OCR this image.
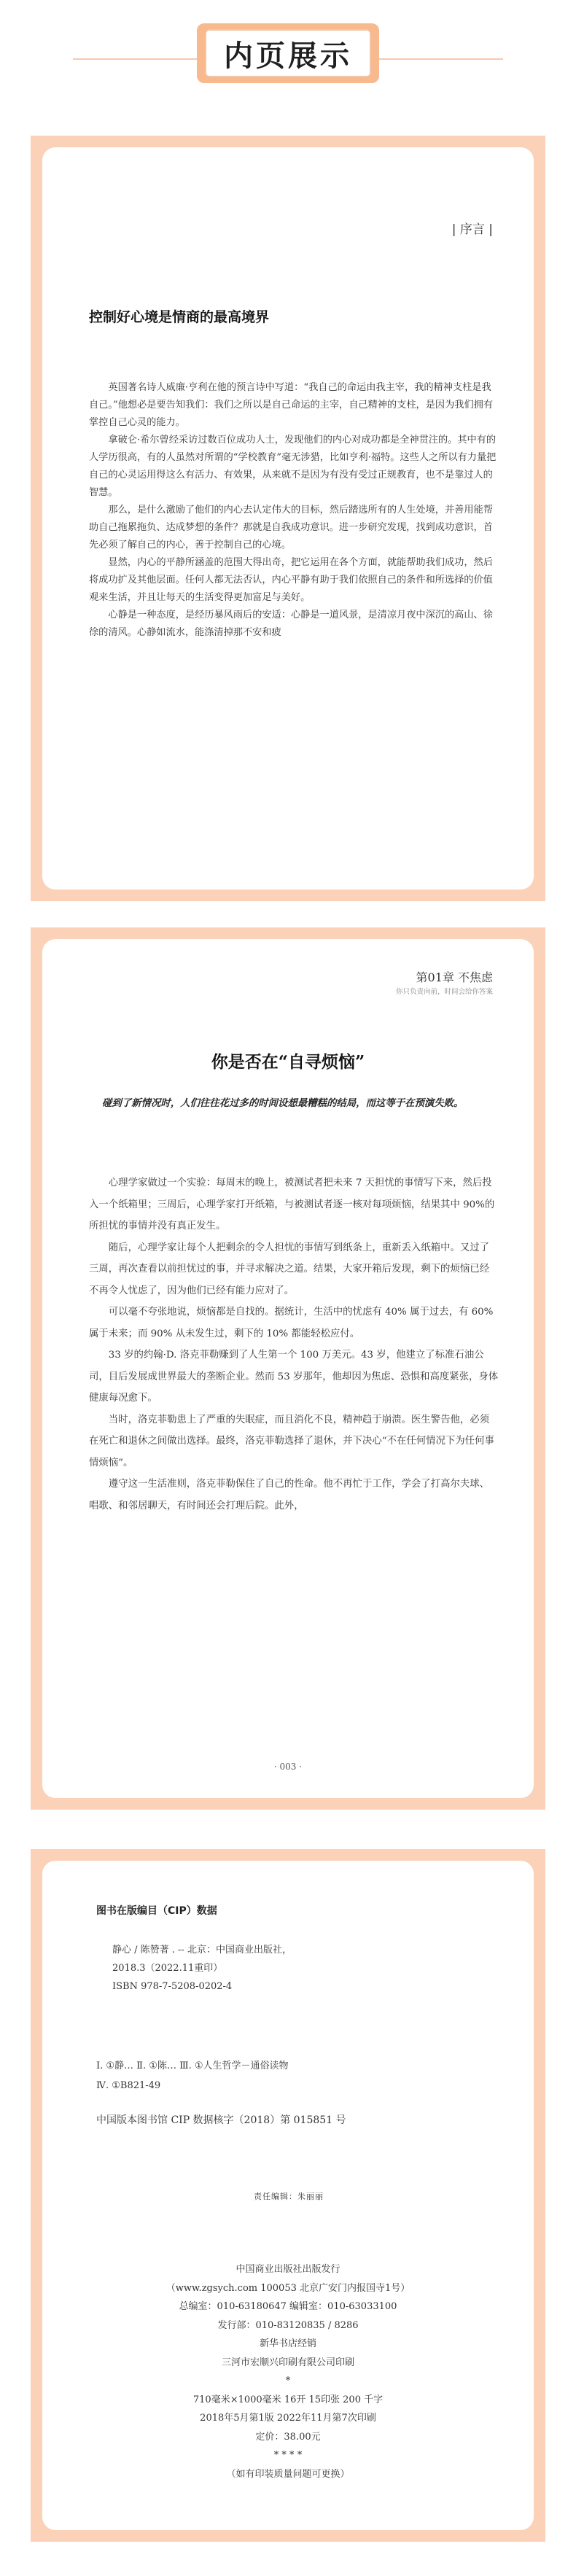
内页展示
| 序言 |
控制好心境是情商的最高境界

英国著名诗人威廉·亨利在他的预言诗中写道：“我自己的命运由我主宰，我的精神支柱是我自己。”他想必是要告知我们：我们之所以是自己命运的主宰，自己精神的支柱，是因为我们拥有掌控自己心灵的能力。

拿破仑·希尔曾经采访过数百位成功人士，发现他们的内心对成功都是全神贯注的。其中有的人学历很高，有的人虽然对所谓的“学校教育”毫无涉猎，比如亨利·福特。这些人之所以有力量把自己的心灵运用得这么有活力、有效果，从来就不是因为有没有受过正规教育，也不是靠过人的智慧。

那么，是什么激励了他们的内心去认定伟大的目标，然后踏选所有的人生处境，并善用能帮助自己拖累拖负、达成梦想的条件？那就是自我成功意识。进一步研究发现，找到成功意识，首先必须了解自己的内心，善于控制自己的心境。

显然，内心的平静所涵盖的范围大得出奇，把它运用在各个方面，就能帮助我们成功，然后将成功扩及其他层面。任何人都无法否认，内心平静有助于我们依照自己的条件和所选择的价值观来生活，并且让每天的生活变得更加富足与美好。

心静是一种态度，是经历暴风雨后的安适：心静是一道风景，是清凉月夜中深沉的高山、徐徐的清风。心静如流水，能涤清掉那不安和疲

第01章 不焦虑
你只负责向前，时间会给你答案
你是否在“自寻烦恼”
碰到了新情况时，人们往往花过多的时间设想最糟糕的结局，而这等于在预演失败。

心理学家做过一个实验：每周末的晚上，被测试者把未来 7 天担忧的事情写下来，然后投入一个纸箱里；三周后，心理学家打开纸箱，与被测试者逐一核对每项烦恼，结果其中 90%的所担忧的事情并没有真正发生。

随后，心理学家让每个人把剩余的令人担忧的事情写到纸条上，重新丢入纸箱中。又过了三周，再次查看以前担忧过的事，并寻求解决之道。结果，大家开箱后发现，剩下的烦恼已经不再令人忧虑了，因为他们已经有能力应对了。

可以毫不夸张地说，烦恼都是自找的。据统计，生活中的忧虑有 40% 属于过去，有 60% 属于未来；而 90% 从未发生过，剩下的 10% 都能轻松应付。

33 岁的约翰·D. 洛克菲勒赚到了人生第一个 100 万美元。43 岁，他建立了标准石油公司，目后发展成世界最大的垄断企业。然而 53 岁那年，他却因为焦虑、恐惧和高度紧张，身体健康每况愈下。

当时，洛克菲勒患上了严重的失眠症，而且消化不良，精神趋于崩溃。医生警告他，必须在死亡和退休之间做出选择。最终，洛克菲勒选择了退休，并下决心“不在任何情况下为任何事情烦恼”。

遵守这一生活准则，洛克菲勒保住了自己的性命。他不再忙于工作，学会了打高尔夫球、唱歌、和邻居聊天，有时间还会打理后院。此外，

· 003 ·
图书在版编目（CIP）数据
静心 / 陈赞著 . -- 北京：中国商业出版社，
2018.3（2022.11重印）
ISBN 978-7-5208-0202-4
Ⅰ. ①静… Ⅱ. ①陈… Ⅲ. ①人生哲学－通俗读物
Ⅳ. ①B821-49
中国版本图书馆 CIP 数据核字（2018）第 015851 号
责任编辑：朱丽丽
中国商业出版社出版发行
（www.zgsych.com 100053 北京广安门内报国寺1号）
总编室：010-63180647 编辑室：010-63033100
发行部：010-83120835 / 8286
新华书店经销
三河市宏顺兴印刷有限公司印刷
*
710毫米×1000毫米 16开 15印张 200 千字
2018年5月第1版 2022年11月第7次印刷
定价：38.00元
* * * *
（如有印装质量问题可更换）
